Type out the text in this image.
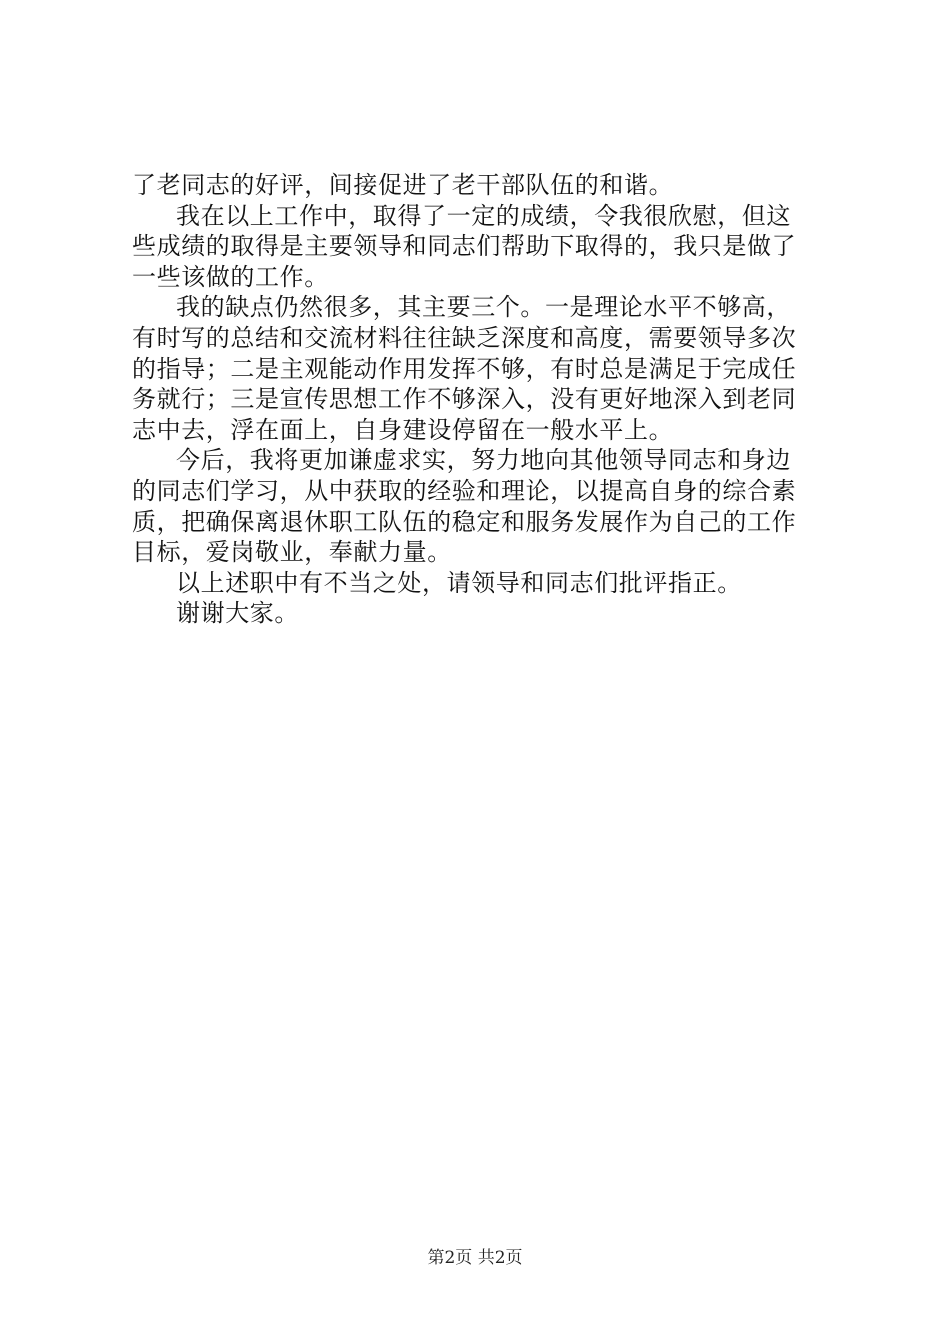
了老同志的好评，间接促进了老干部队伍的和谐。
我在以上工作中，取得了一定的成绩，令我很欣慰，但这
些成绩的取得是主要领导和同志们帮助下取得的，我只是做了
一些该做的工作。
我的缺点仍然很多，其主要三个。一是理论水平不够高，
有时写的总结和交流材料往往缺乏深度和高度，需要领导多次
的指导；二是主观能动作用发挥不够，有时总是满足于完成任
务就行；三是宣传思想工作不够深入，没有更好地深入到老同
志中去，浮在面上，自身建设停留在一般水平上。
今后，我将更加谦虚求实，努力地向其他领导同志和身边
的同志们学习，从中获取的经验和理论，以提高自身的综合素
质，把确保离退休职工队伍的稳定和服务发展作为自己的工作
目标，爱岗敬业，奉献力量。
以上述职中有不当之处，请领导和同志们批评指正。
谢谢大家。
第2页 共2页
